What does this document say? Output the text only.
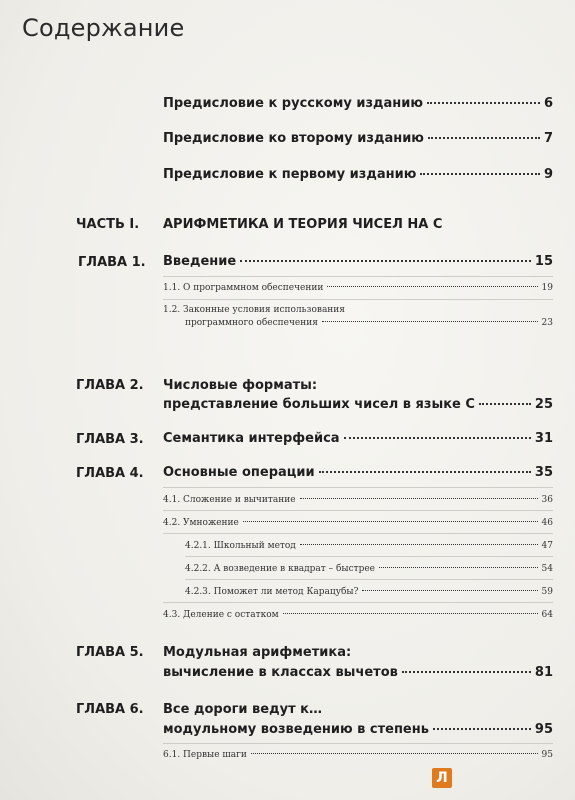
Содержание
Предисловие к русскому изданию	6
Предисловие ко второму изданию	7
Предисловие к первому изданию	9
ЧАСТЬ I. АРИФМЕТИКА И ТЕОРИЯ ЧИСЕЛ НА С
ГЛАВА 1. Введение	15
1.1. О программном обеспечении	19
1.2. Законные условия использования
программного обеспечения	23
ГЛАВА 2. Числовые форматы:
представление больших чисел в языке С	25
ГЛАВА 3. Семантика интерфейса	31
ГЛАВА 4. Основные операции	35
4.1. Сложение и вычитание	36
4.2. Умножение	46
4.2.1. Школьный метод	47
4.2.2. А возведение в квадрат – быстрее	54
4.2.3. Поможет ли метод Карацубы?	59
4.3. Деление с остатком	64
ГЛАВА 5. Модульная арифметика:
вычисление в классах вычетов	81
ГЛАВА 6. Все дороги ведут к…
модульному возведению в степень	95
6.1. Первые шаги	95
Л
